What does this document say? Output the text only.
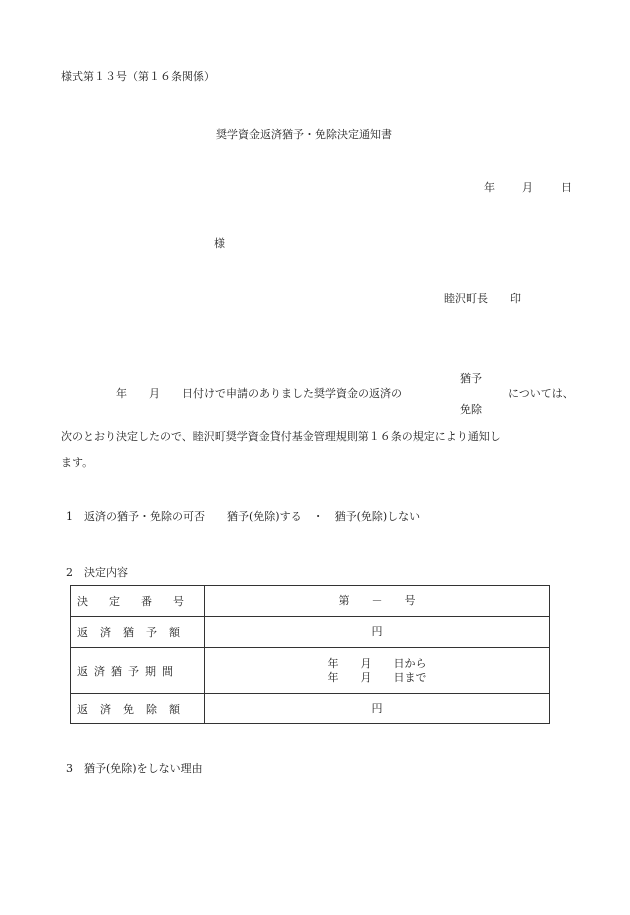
様式第１３号（第１６条関係）
奨学資金返済猶予・免除決定通知書
年 月	日
様
睦沢町長　　印
年　　月　　日付けで申請のありました奨学資金の返済の
猶予
免除
については、
次のとおり決定したので、睦沢町奨学資金貸付基金管理規則第１６条の規定により通知し
ます。
1　返済の猶予・免除の可否　　猶予(免除)する　・　猶予(免除)しない
2　決定内容
決 定 番 号	第　　－　　号

返 済 猶 予 額	円

返 済 猶 予 期 間	年　　月　　日から
年　　月　　日まで

返 済 免 除 額	円
3　猶予(免除)をしない理由
